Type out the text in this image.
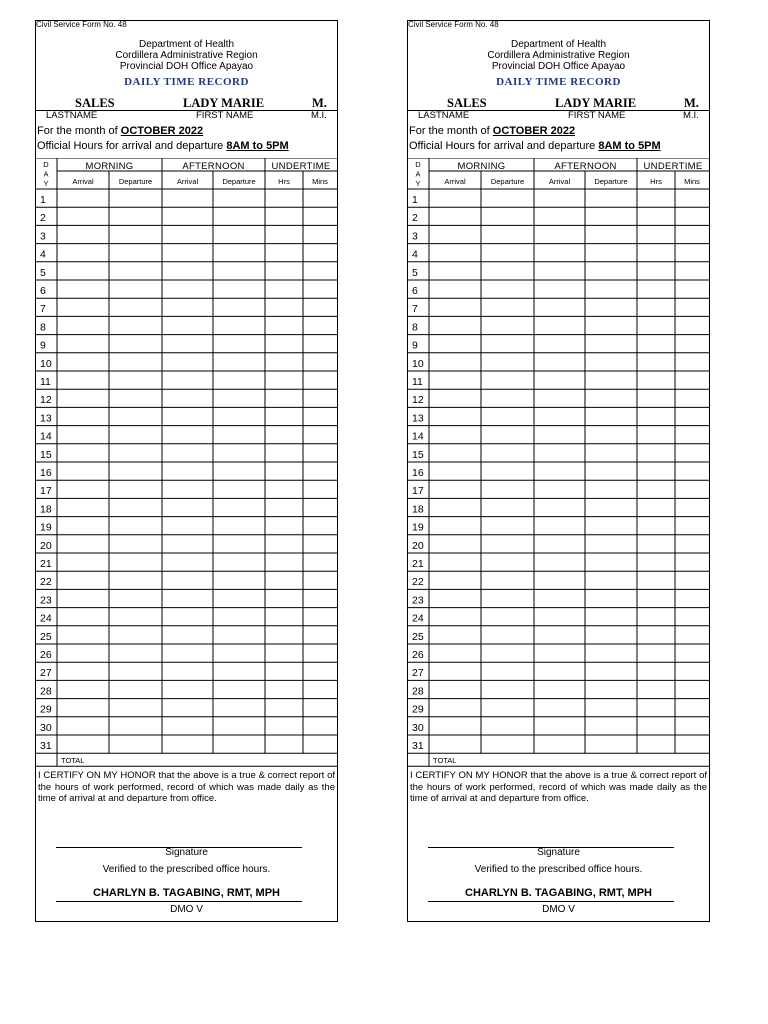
Civil Service Form No. 48
Department of Health
Cordillera Administrative Region
Provincial DOH Office Apayao
DAILY TIME RECORD
SALES	LADY MARIE	M.
LASTNAME	FIRST NAME	M.I.
For the month of OCTOBER 2022
Official Hours for arrival and departure 8AM to 5PM
D
A
Y
MORNING	AFTERNOON	UNDERTIME
Arrival	Departure	Arrival	Departure	Hrs	Mins
1
2
3
4
5
6
7
8
9
10
11
12
13
14
15
16
17
18
19
20
21
22
23
24
25
26
27
28
29
30
31
TOTAL
I CERTIFY ON MY HONOR that the above is a true & correct report of the hours of work performed, record of which was made daily as the time of arrival at and departure from office.
Signature
Verified to the prescribed office hours.
CHARLYN B. TAGABING, RMT, MPH
DMO V
Civil Service Form No. 48
Department of Health
Cordillera Administrative Region
Provincial DOH Office Apayao
DAILY TIME RECORD
SALES	LADY MARIE	M.
LASTNAME	FIRST NAME	M.I.
For the month of OCTOBER 2022
Official Hours for arrival and departure 8AM to 5PM
D
A
Y
MORNING	AFTERNOON	UNDERTIME
Arrival	Departure	Arrival	Departure	Hrs	Mins
1
2
3
4
5
6
7
8
9
10
11
12
13
14
15
16
17
18
19
20
21
22
23
24
25
26
27
28
29
30
31
TOTAL
I CERTIFY ON MY HONOR that the above is a true & correct report of the hours of work performed, record of which was made daily as the time of arrival at and departure from office.
Signature
Verified to the prescribed office hours.
CHARLYN B. TAGABING, RMT, MPH
DMO V
